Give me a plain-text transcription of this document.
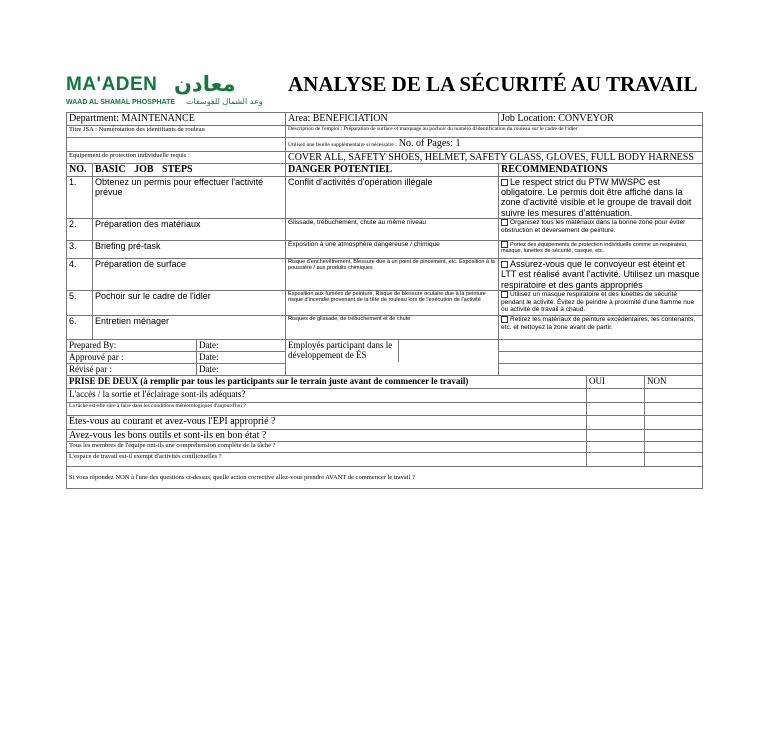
MA'ADEN معادن
WAAD AL SHAMAL PHOSPHATE وعد الشمال للفوسفات
ANALYSE DE LA SÉCURITÉ AU TRAVAIL
Department: MAINTENANCE			Area: BENEFICIATION	Job Location: CONVEYOR		
Titre JSA : Numérotation des identifiants de rouleau			Description de l'emploi : Préparation de surface et marquage au pochoir du numéro d'identification du rouleau sur le cadre de l'idler			
			Utilisez une feuille supplémentaire si nécessaire : No. of Pages: 1			
Équipement de protection individuelle requis :			COVER ALL, SAFETY SHOES, HELMET, SAFETY GLASS, GLOVES, FULL BODY HARNESS			
NO.	BASIC JOB STEPS		DANGER POTENTIEL	RECOMMENDATIONS		
1.	Obtenez un permis pour effectuer l'activité prévue		Conflit d'activités d'opération illégale	Le respect strict du PTW MWSPC est obligatoire. Le permis doit être affiché dans la zone d'activité visible et le groupe de travail doit suivre les mesures d'atténuation.		
2.	Préparation des matériaux		Glissade, trébuchement, chute au même niveau	Organisez tous les matériaux dans la bonne zone pour éviter obstruction et déversement de peinture.		
3.	Briefing pré-task		Exposition à une atmosphère dangereuse / chimique	Portez des équipements de protection individuelle comme un respirateur, masque, lunettes de sécurité, casque, etc.		
4.	Préparation de surface		Risque d'enchevêtrement, Blessure due à un point de pincement, etc. Exposition à la poussière / aux produits chimiques	Assurez-vous que le convoyeur est éteint et LTT est réalisé avant l'activité. Utilisez un masque respiratoire et des gants appropriés		
5.	Pochoir sur le cadre de l'idler		Exposition aux fumées de peinture, Risque de blessure oculaire due à la peinture risque d'incendie provenant de la tête de rouleau lors de l'exécution de l'activité	Utilisez un masque respiratoire et des lunettes de sécurité pendant le activité. Évitez de peindre à proximité d'une flamme nue ou activité de travail à chaud.		
6.	Entretien ménager		Risques de glissade, de trébuchement et de chute	Retirez les matériaux de peinture excédentaires, les contenants, etc. et nettoyez la zone avant de partir.		
Prepared By:		Date:	Employés participant dans le développement de ÉS			

Approuvé par :		Date:				
Révisé par :		Date:				
PRISE DE DEUX (à remplir par tous les participants sur le terrain juste avant de commencer le travail)					OUI	NON
L'accès / la sortie et l'éclairage sont-ils adéquats?						
La tâche est-elle sûre à faire dans les conditions météorologiques d'aujourd'hui ?						
Êtes-vous au courant et avez-vous l'EPI approprié ?						
Avez-vous les bons outils et sont-ils en bon état ?						
Tous les membres de l'équipe ont-ils une compréhension complète de la tâche ?						
L'espace de travail est-il exempt d'activités conflictuelles ?						
Si vous répondez NON à l'une des questions ci-dessus, quelle action corrective allez-vous prendre AVANT de commencer le travail ?						
